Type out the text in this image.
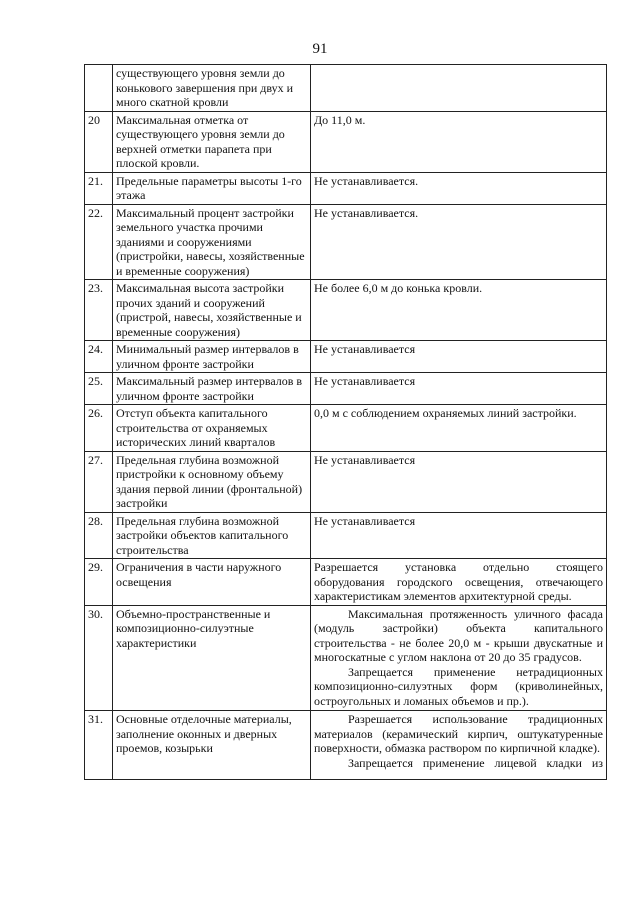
91
	существующего уровня земли до конькового завершения при двух и много скатной кровли	
20	Максимальная отметка от существующего уровня земли до верхней отметки парапета при плоской кровли.	До 11,0 м.
21.	Предельные параметры высоты 1-го этажа	Не устанавливается.
22.	Максимальный процент застройки земельного участка прочими зданиями и сооружениями (пристройки, навесы, хозяйственные и временные сооружения)	Не устанавливается.
23.	Максимальная высота застройки прочих зданий и сооружений (пристрой, навесы, хозяйственные и временные сооружения)	Не более 6,0 м до конька кровли.
24.	Минимальный размер интервалов в уличном фронте застройки	Не устанавливается
25.	Максимальный размер интервалов в уличном фронте застройки	Не устанавливается
26.	Отступ объекта капитального строительства от охраняемых исторических линий кварталов	0,0 м с соблюдением охраняемых линий застройки.
27.	Предельная глубина возможной пристройки к основному объему здания первой линии (фронтальной) застройки	Не устанавливается
28.	Предельная глубина возможной застройки объектов капитального строительства	Не устанавливается
29.	Ограничения в части наружного освещения	Разрешается установка отдельно стоящего оборудования городского освещения, отвечающего характеристикам элементов архитектурной среды.
30.	Объемно-пространственные и композиционно-силуэтные характеристики	Максимальная протяженность уличного фасада (модуль застройки) объекта капитального строительства - не более 20,0 м - крыши двускатные и многоскатные с углом наклона от 20 до 35 градусов.

Запрещается применение нетрадиционных композиционно-силуэтных форм (криволинейных, остроугольных и ломаных объемов и пр.).

31.	Основные отделочные материалы, заполнение оконных и дверных проемов, козырьки	Разрешается использование традиционных материалов (керамический кирпич, оштукатуренные поверхности, обмазка раствором по кирпичной кладке).

Запрещается применение лицевой кладки из
